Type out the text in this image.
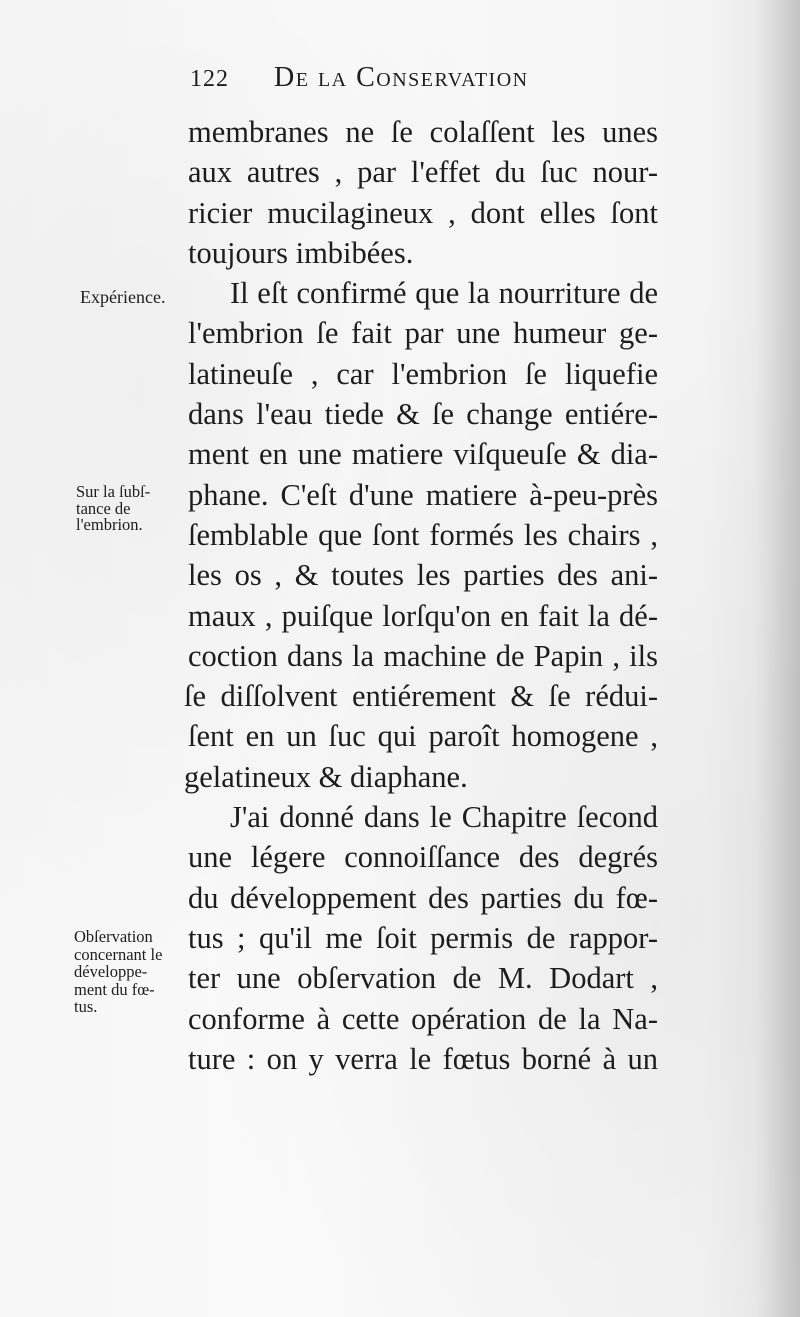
122 De la Conservation
Expérience.
Sur la ſubſ-
tance de
l'embrion.
Obſervation
concernant le
développe-
ment du fœ-
tus.
membranes ne ſe colaſſent les unes
aux autres , par l'effet du ſuc nour-
ricier mucilagineux , dont elles ſont
toujours imbibées.
Il eſt confirmé que la nourriture de
l'embrion ſe fait par une humeur ge-
latineuſe , car l'embrion ſe liquefie
dans l'eau tiede & ſe change entiére-
ment en une matiere viſqueuſe & dia-
phane. C'eſt d'une matiere à-peu-près
ſemblable que ſont formés les chairs ,
les os , & toutes les parties des ani-
maux , puiſque lorſqu'on en fait la dé-
coction dans la machine de Papin , ils
ſe diſſolvent entiérement & ſe rédui-
ſent en un ſuc qui paroît homogene ,
gelatineux & diaphane.
J'ai donné dans le Chapitre ſecond
une légere connoiſſance des degrés
du développement des parties du fœ-
tus ; qu'il me ſoit permis de rappor-
ter une obſervation de M. Dodart ,
conforme à cette opération de la Na-
ture : on y verra le fœtus borné à un
